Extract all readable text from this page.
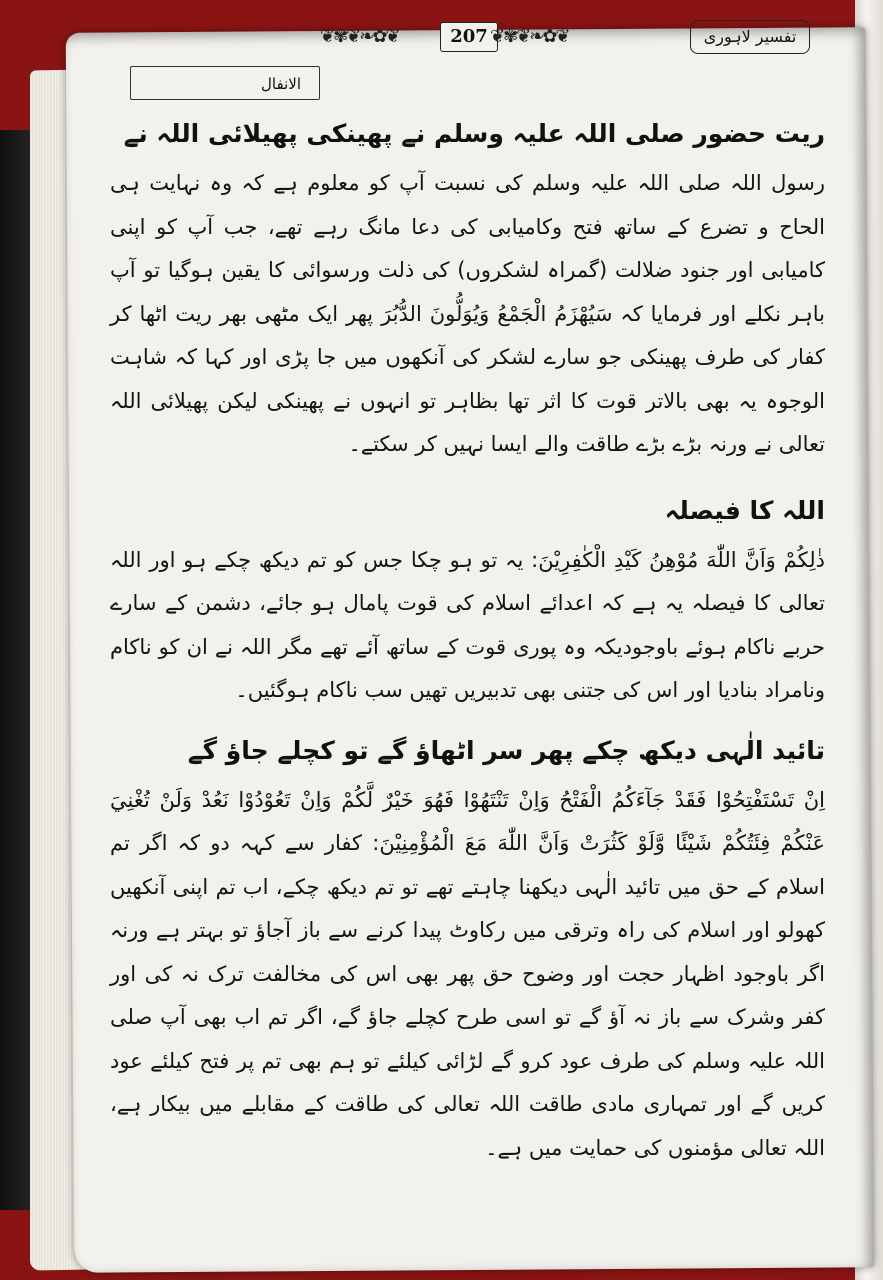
❦✾❦❧✿❦	207 ❦✾❦❧✿❦	تفسیر لاہوری
الانفال
ریت حضور صلی اللہ علیہ وسلم نے پھینکی پھیلائی اللہ نے

رسول اللہ صلی اللہ علیہ وسلم کی نسبت آپ کو معلوم ہے کہ وہ نہایت ہی الحاح و تضرع کے ساتھ فتح وکامیابی کی دعا مانگ رہے تھے، جب آپ کو اپنی کامیابی اور جنود ضلالت (گمراہ لشکروں) کی ذلت ورسوائی کا یقین ہوگیا تو آپ باہر نکلے اور فرمایا کہ سَيُهْزَمُ الْجَمْعُ وَيُوَلُّونَ الدُّبُرَ پھر ایک مٹھی بھر ریت اٹھا کر کفار کی طرف پھینکی جو سارے لشکر کی آنکھوں میں جا پڑی اور کہا کہ شاہت الوجوہ یہ بھی بالاتر قوت کا اثر تھا بظاہر تو انہوں نے پھینکی لیکن پھیلائی اللہ تعالی نے ورنہ بڑے بڑے طاقت والے ایسا نہیں کر سکتے۔

اللہ کا فیصلہ

ذٰلِكُمْ وَاَنَّ اللّٰهَ مُوْهِنُ كَيْدِ الْكٰفِرِيْنَ: یہ تو ہو چکا جس کو تم دیکھ چکے ہو اور اللہ تعالی کا فیصلہ یہ ہے کہ اعدائے اسلام کی قوت پامال ہو جائے، دشمن کے سارے حربے ناکام ہوئے باوجودیکہ وہ پوری قوت کے ساتھ آئے تھے مگر اللہ نے ان کو ناکام ونامراد بنادیا اور اس کی جتنی بھی تدبیریں تھیں سب ناکام ہوگئیں۔

تائید الٰہی دیکھ چکے پھر سر اٹھاؤ گے تو کچلے جاؤ گے

اِنْ تَسْتَفْتِحُوْا فَقَدْ جَآءَكُمُ الْفَتْحُ وَاِنْ تَنْتَهُوْا فَهُوَ خَيْرٌ لَّكُمْ وَاِنْ تَعُوْدُوْا نَعُدْ وَلَنْ تُغْنِيَ عَنْكُمْ فِئَتُكُمْ شَيْئًا وَّلَوْ كَثُرَتْ وَاَنَّ اللّٰهَ مَعَ الْمُؤْمِنِيْنَ: کفار سے کہہ دو کہ اگر تم اسلام کے حق میں تائید الٰہی دیکھنا چاہتے تھے تو تم دیکھ چکے، اب تم اپنی آنکھیں کھولو اور اسلام کی راہ وترقی میں رکاوٹ پیدا کرنے سے باز آجاؤ تو بہتر ہے ورنہ اگر باوجود اظہار حجت اور وضوح حق پھر بھی اس کی مخالفت ترک نہ کی اور کفر وشرک سے باز نہ آؤ گے تو اسی طرح کچلے جاؤ گے، اگر تم اب بھی آپ صلی اللہ علیہ وسلم کی طرف عود کرو گے لڑائی کیلئے تو ہم بھی تم پر فتح کیلئے عود کریں گے اور تمہاری مادی طاقت اللہ تعالی کی طاقت کے مقابلے میں بیکار ہے، اللہ تعالی مؤمنوں کی حمایت میں ہے۔
